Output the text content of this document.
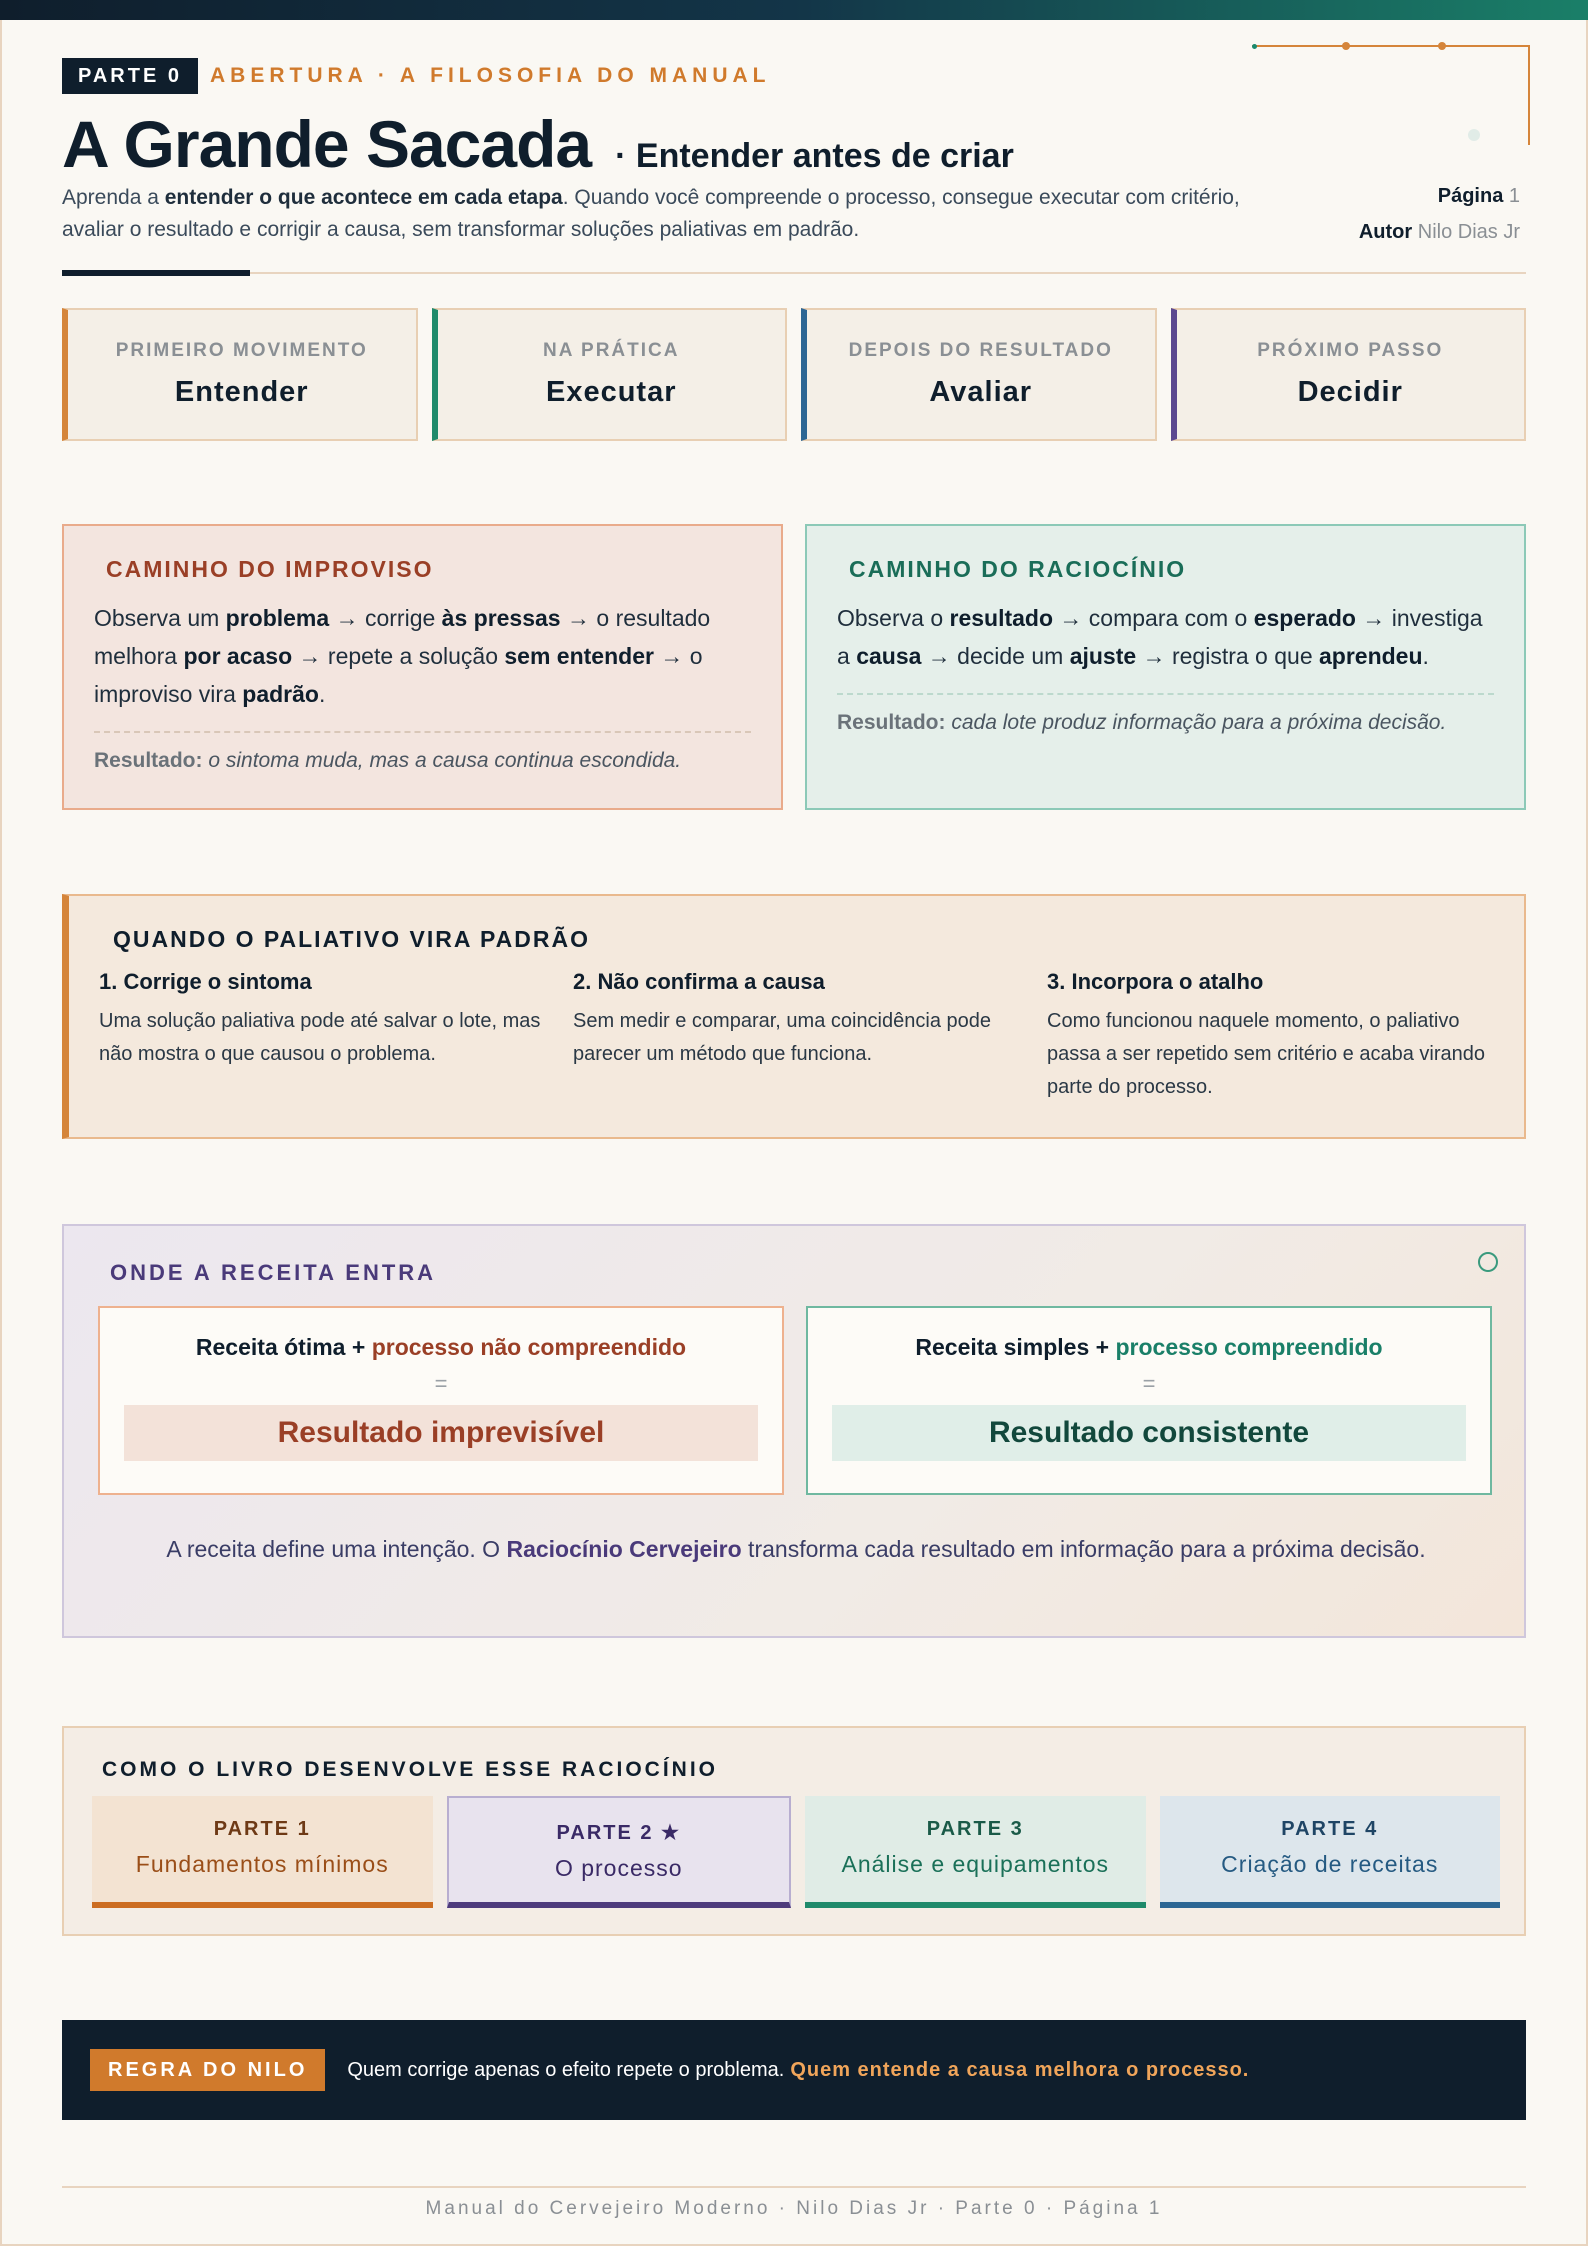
PARTE 0	ABERTURA · A FILOSOFIA DO MANUAL
A Grande Sacada · Entender antes de criar

Aprenda a entender o que acontece em cada etapa. Quando você compreende o processo, consegue executar com critério, avaliar o resultado e corrigir a causa, sem transformar soluções paliativas em padrão.

Página 1
Autor Nilo Dias Jr
PRIMEIRO MOVIMENTO
Entender
NA PRÁTICA
Executar
DEPOIS DO RESULTADO
Avaliar
PRÓXIMO PASSO
Decidir
CAMINHO DO IMPROVISO

Observa um problema → corrige às pressas → o resultado melhora por acaso → repete a solução sem entender → o improviso vira padrão.

Resultado: o sintoma muda, mas a causa continua escondida.

CAMINHO DO RACIOCÍNIO

Observa o resultado → compara com o esperado → investiga a causa → decide um ajuste → registra o que aprendeu.

Resultado: cada lote produz informação para a próxima decisão.

QUANDO O PALIATIVO VIRA PADRÃO
1. Corrige o sintoma

Uma solução paliativa pode até salvar o lote, mas não mostra o que causou o problema.

2. Não confirma a causa

Sem medir e comparar, uma coincidência pode parecer um método que funciona.

3. Incorpora o atalho

Como funcionou naquele momento, o paliativo passa a ser repetido sem critério e acaba virando parte do processo.

ONDE A RECEITA ENTRA
Receita ótima + processo não compreendido
=
Resultado imprevisível
Receita simples + processo compreendido
=
Resultado consistente

A receita define uma intenção. O Raciocínio Cervejeiro transforma cada resultado em informação para a próxima decisão.

COMO O LIVRO DESENVOLVE ESSE RACIOCÍNIO
PARTE 1
Fundamentos mínimos
PARTE 2 ★
O processo
PARTE 3
Análise e equipamentos
PARTE 4
Criação de receitas
REGRA DO NILO	Quem corrige apenas o efeito repete o problema. Quem entende a causa melhora o processo.
Manual do Cervejeiro Moderno · Nilo Dias Jr · Parte 0 · Página 1
